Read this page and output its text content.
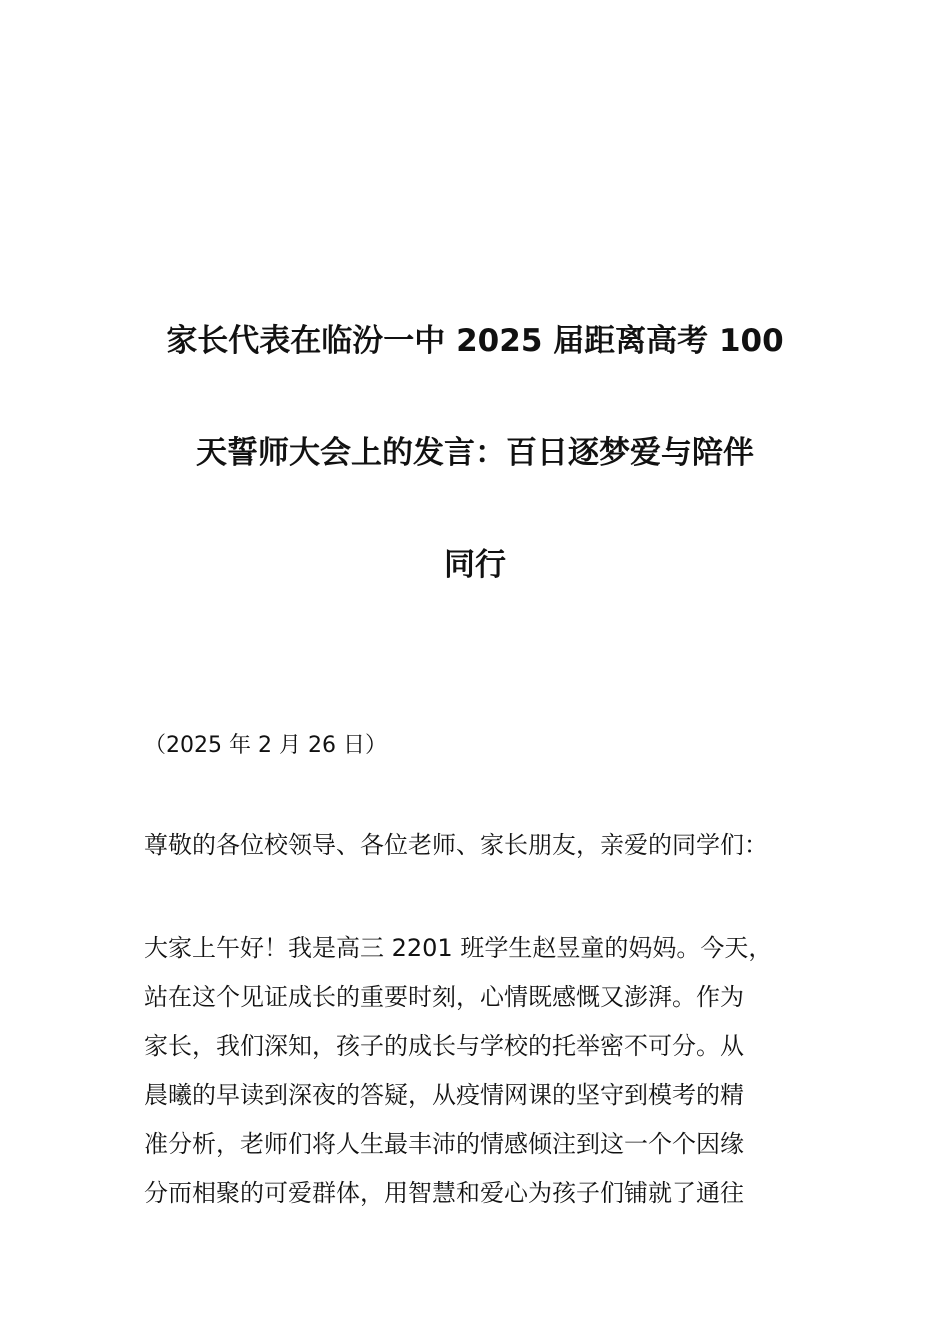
家长代表在临汾一中 2025 届距离高考 100
天誓师大会上的发言：百日逐梦爱与陪伴
同行

（2025 年 2 月 26 日）

尊敬的各位校领导、各位老师、家长朋友，亲爱的同学们：

大家上午好！我是高三 2201 班学生赵昱童的妈妈。今天，
站在这个见证成长的重要时刻，心情既感慨又澎湃。作为
家长，我们深知，孩子的成长与学校的托举密不可分。从
晨曦的早读到深夜的答疑，从疫情网课的坚守到模考的精
准分析，老师们将人生最丰沛的情感倾注到这一个个因缘
分而相聚的可爱群体，用智慧和爱心为孩子们铺就了通往
